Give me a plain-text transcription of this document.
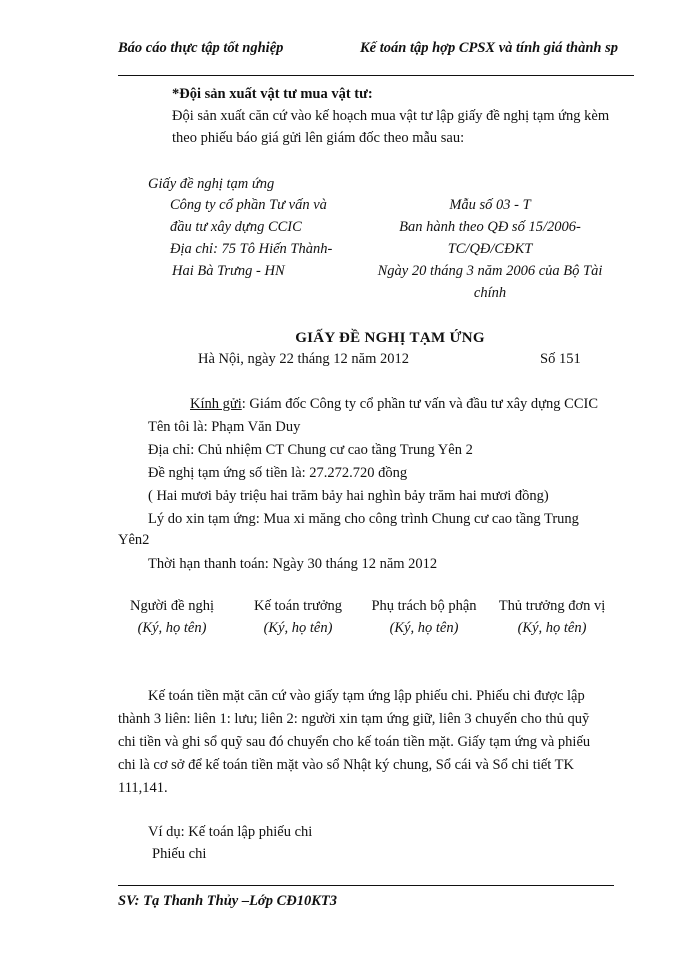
Báo cáo thực tập tốt nghiệp	Kế toán tập hợp CPSX và tính giá thành sp
*Đội sản xuất vật tư mua vật tư:
Đội sản xuất căn cứ vào kế hoạch mua vật tư lập giấy đề nghị tạm ứng kèm
theo phiếu báo giá gửi lên giám đốc theo mẫu sau:
Giấy đề nghị tạm ứng
Công ty cổ phần Tư vấn và
đầu tư xây dựng CCIC
Địa chỉ: 75 Tô Hiến Thành-
Hai Bà Trưng - HN
Mẫu số 03 - T
Ban hành theo QĐ số 15/2006-
TC/QĐ/CĐKT
Ngày 20 tháng 3 năm 2006 của Bộ Tài
chính
GIẤY ĐỀ NGHỊ TẠM ỨNG
Hà Nội, ngày 22 tháng 12 năm 2012	Số 151
Kính gửi: Giám đốc Công ty cổ phần tư vấn và đầu tư xây dựng CCIC
Tên tôi là: Phạm Văn Duy
Địa chỉ: Chủ nhiệm CT Chung cư cao tầng Trung Yên 2
Đề nghị tạm ứng số tiền là: 27.272.720 đồng
( Hai mươi bảy triệu hai trăm bảy hai nghìn bảy trăm hai mươi đồng)
Lý do xin tạm ứng: Mua xi măng cho công trình Chung cư cao tầng Trung
Yên2
Thời hạn thanh toán: Ngày 30 tháng 12 năm 2012
Người đề nghị
(Ký, họ tên)
Kế toán trưởng
(Ký, họ tên)
Phụ trách bộ phận
(Ký, họ tên)
Thủ trưởng đơn vị
(Ký, họ tên)
Kế toán tiền mặt căn cứ vào giấy tạm ứng lập phiếu chi. Phiếu chi được lập
thành 3 liên: liên 1: lưu; liên 2: người xin tạm ứng giữ, liên 3 chuyển cho thủ quỹ
chi tiền và ghi sổ quỹ sau đó chuyển cho kế toán tiền mặt. Giấy tạm ứng và phiếu
chi là cơ sở để kế toán tiền mặt vào sổ Nhật ký chung, Sổ cái và Sổ chi tiết TK
111,141.
Ví dụ: Kế toán lập phiếu chi
Phiếu chi
SV: Tạ Thanh Thủy –Lớp CĐ10KT3
